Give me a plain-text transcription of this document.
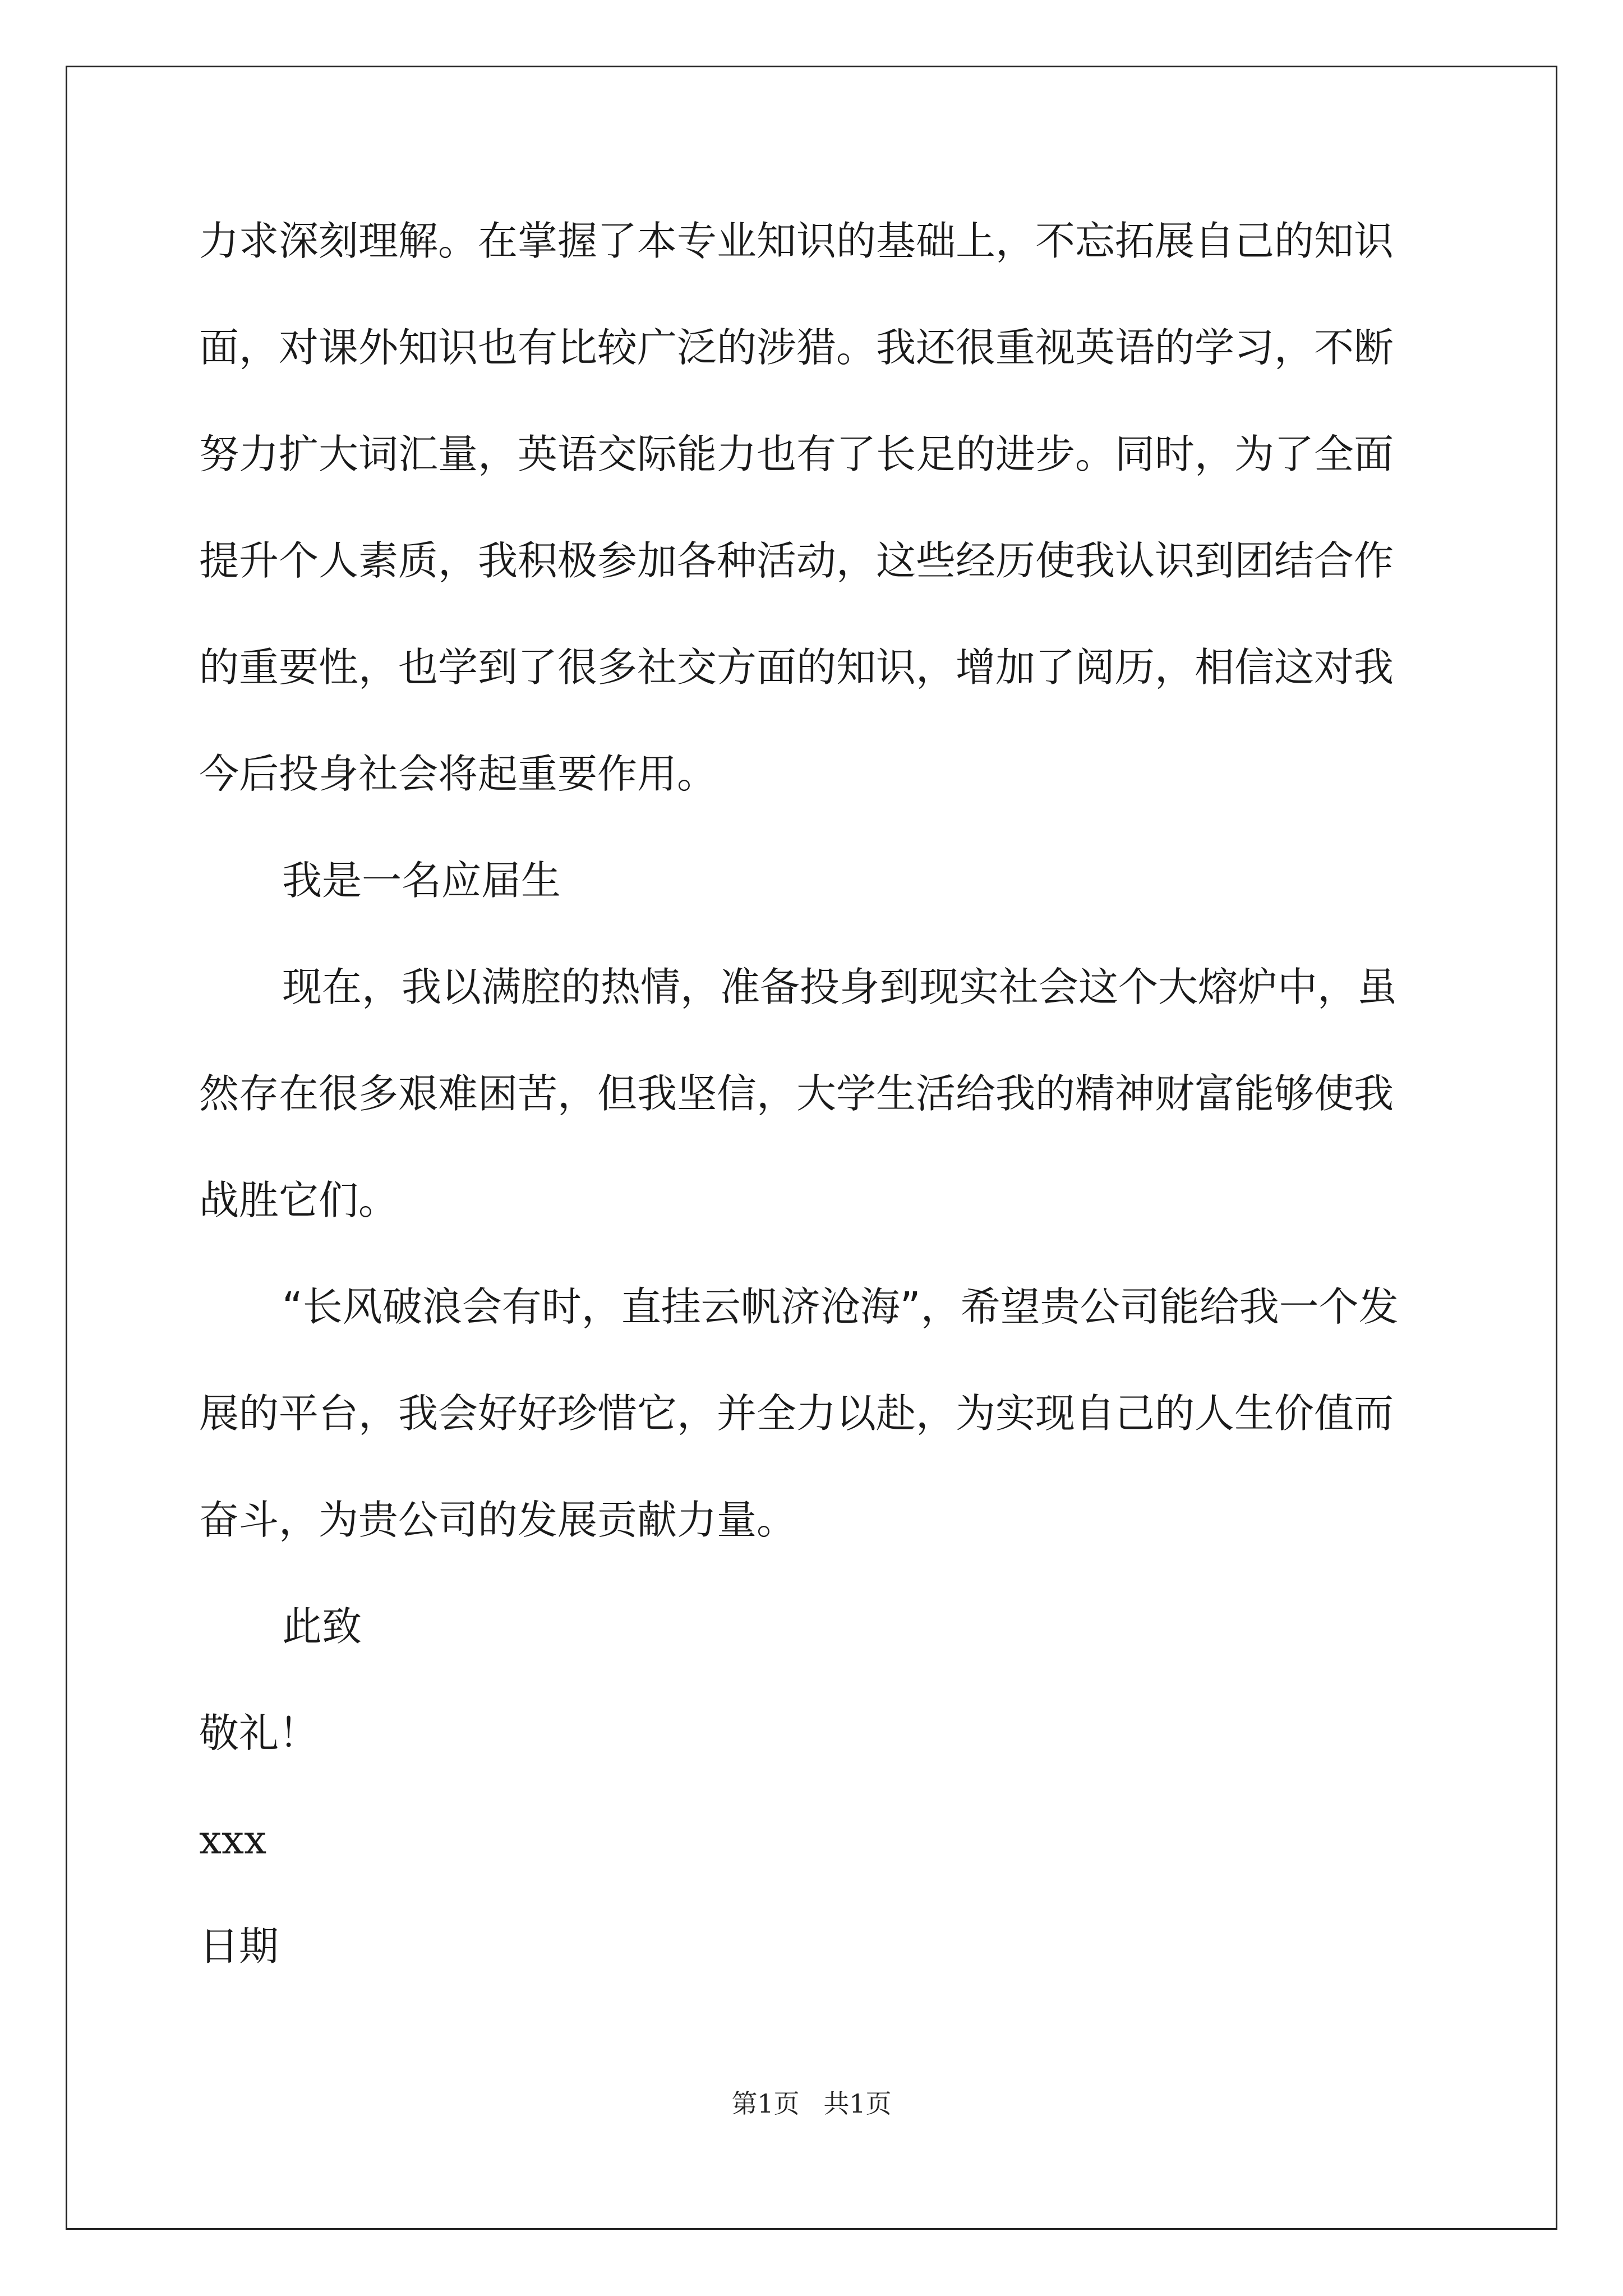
力求深刻理解。在掌握了本专业知识的基础上，不忘拓展自己的知识
面，对课外知识也有比较广泛的涉猎。我还很重视英语的学习，不断
努力扩大词汇量，英语交际能力也有了长足的进步。同时，为了全面
提升个人素质，我积极参加各种活动，这些经历使我认识到团结合作
的重要性，也学到了很多社交方面的知识，增加了阅历，相信这对我
今后投身社会将起重要作用。
我是一名应届生
现在，我以满腔的热情，准备投身到现实社会这个大熔炉中，虽
然存在很多艰难困苦，但我坚信，大学生活给我的精神财富能够使我
战胜它们。
“长风破浪会有时，直挂云帆济沧海”，希望贵公司能给我一个发
展的平台，我会好好珍惜它，并全力以赴，为实现自己的人生价值而
奋斗，为贵公司的发展贡献力量。
此致
敬礼！
xxx
日期
第1页 共1页
